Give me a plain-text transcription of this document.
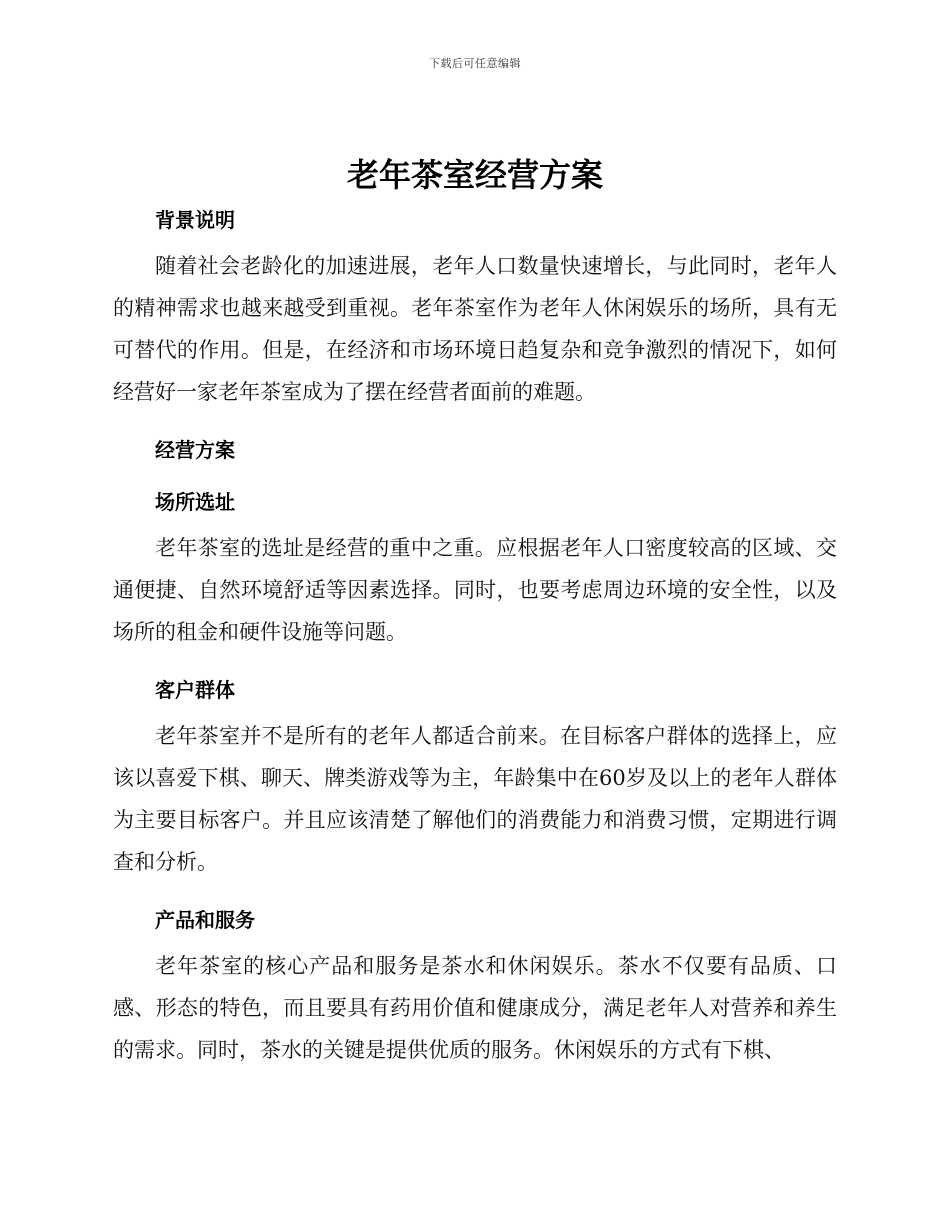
下载后可任意编辑
老年茶室经营方案
背景说明

随着社会老龄化的加速进展，老年人口数量快速增长，与此同时，老年人的精神需求也越来越受到重视。老年茶室作为老年人休闲娱乐的场所，具有无可替代的作用。但是，在经济和市场环境日趋复杂和竞争激烈的情况下，如何经营好一家老年茶室成为了摆在经营者面前的难题。

经营方案
场所选址

老年茶室的选址是经营的重中之重。应根据老年人口密度较高的区域、交通便捷、自然环境舒适等因素选择。同时，也要考虑周边环境的安全性，以及场所的租金和硬件设施等问题。

客户群体

老年茶室并不是所有的老年人都适合前来。在目标客户群体的选择上，应该以喜爱下棋、聊天、牌类游戏等为主，年龄集中在60岁及以上的老年人群体为主要目标客户。并且应该清楚了解他们的消费能力和消费习惯，定期进行调查和分析。

产品和服务

老年茶室的核心产品和服务是茶水和休闲娱乐。茶水不仅要有品质、口感、形态的特色，而且要具有药用价值和健康成分，满足老年人对营养和养生的需求。同时，茶水的关键是提供优质的服务。休闲娱乐的方式有下棋、
